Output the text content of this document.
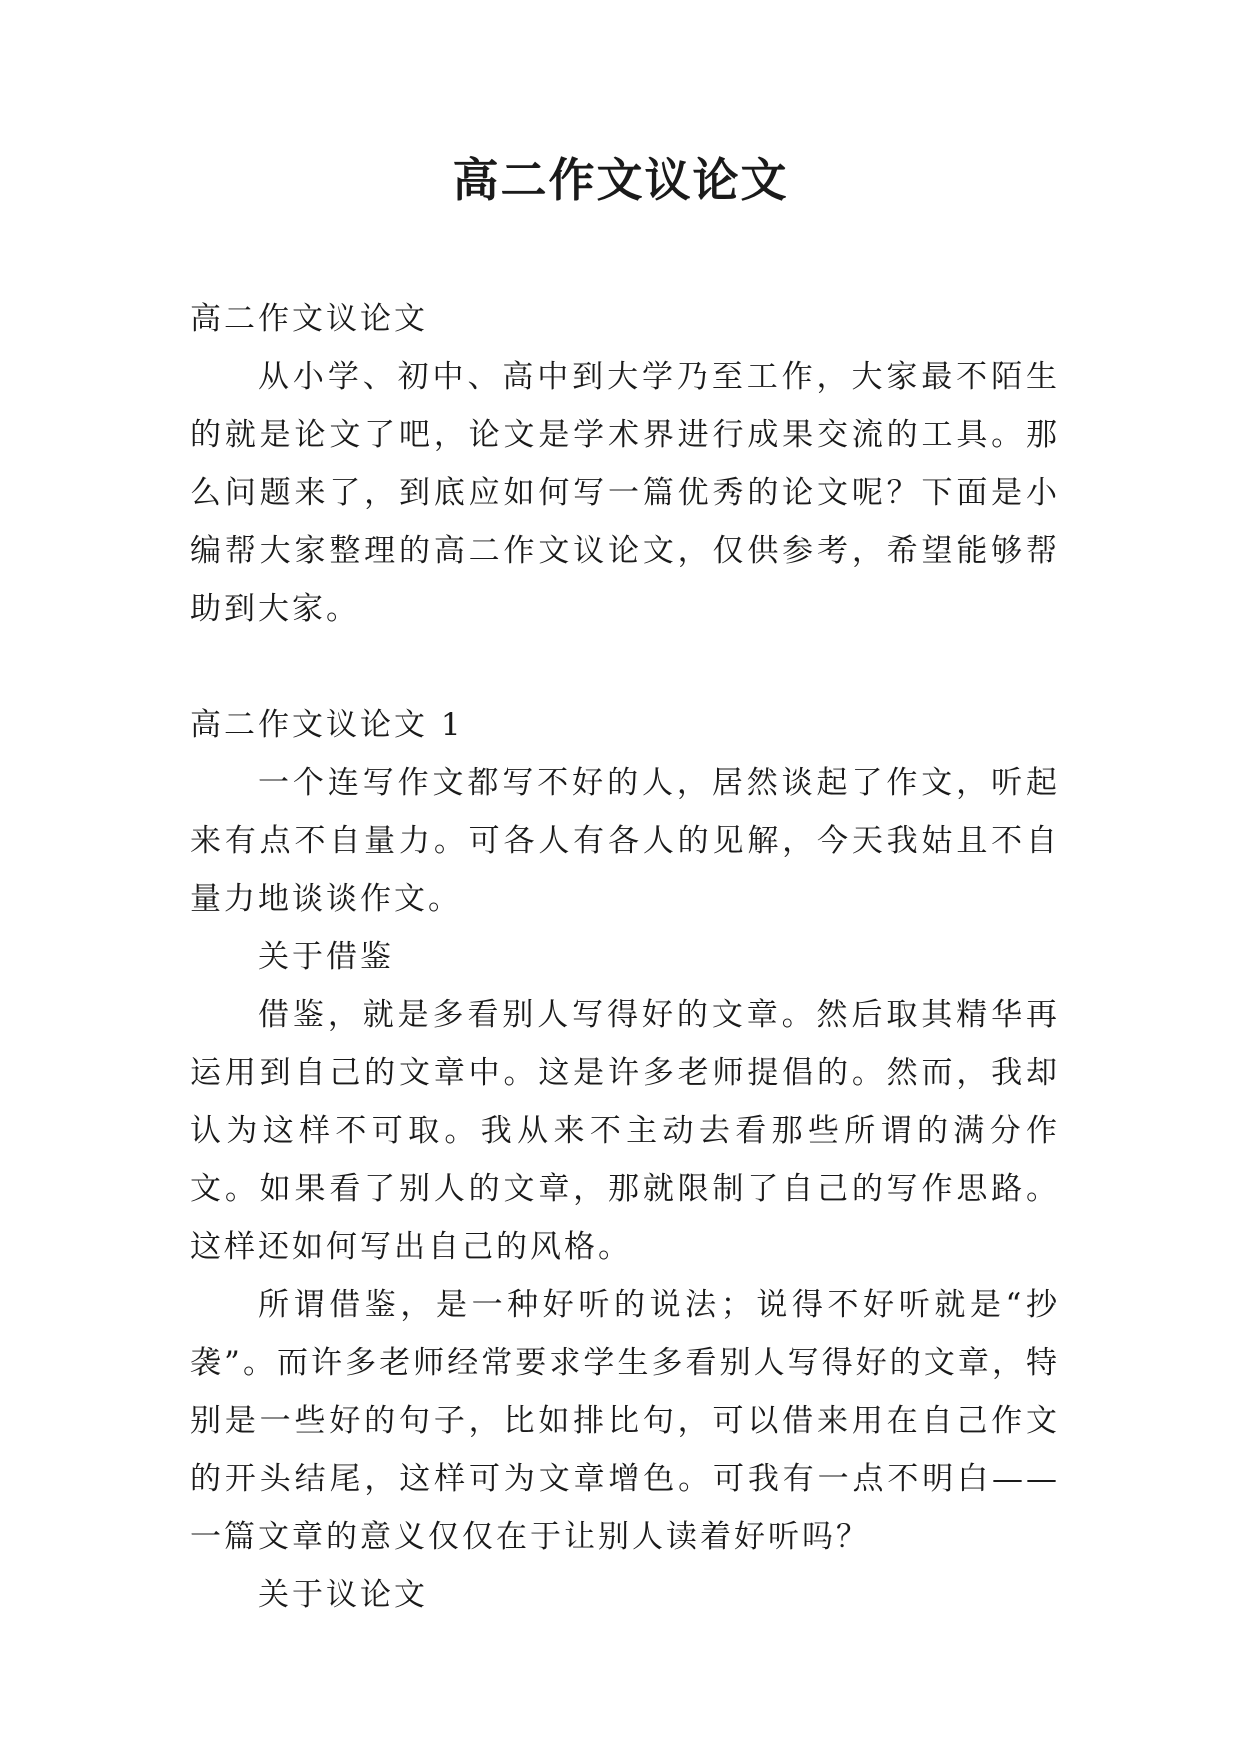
高二作文议论文

高二作文议论文

从小学、初中、高中到大学乃至工作，大家最不陌生的就是论文了吧，论文是学术界进行成果交流的工具。那么问题来了，到底应如何写一篇优秀的论文呢？下面是小编帮大家整理的高二作文议论文，仅供参考，希望能够帮助到大家。

高二作文议论文 1

一个连写作文都写不好的人，居然谈起了作文，听起来有点不自量力。可各人有各人的见解，今天我姑且不自量力地谈谈作文。

关于借鉴

借鉴，就是多看别人写得好的文章。然后取其精华再运用到自己的文章中。这是许多老师提倡的。然而，我却认为这样不可取。我从来不主动去看那些所谓的满分作文。如果看了别人的文章，那就限制了自己的写作思路。这样还如何写出自己的风格。

所谓借鉴，是一种好听的说法；说得不好听就是“抄袭”。而许多老师经常要求学生多看别人写得好的文章，特别是一些好的句子，比如排比句，可以借来用在自己作文的开头结尾，这样可为文章增色。可我有一点不明白——一篇文章的意义仅仅在于让别人读着好听吗？

关于议论文
